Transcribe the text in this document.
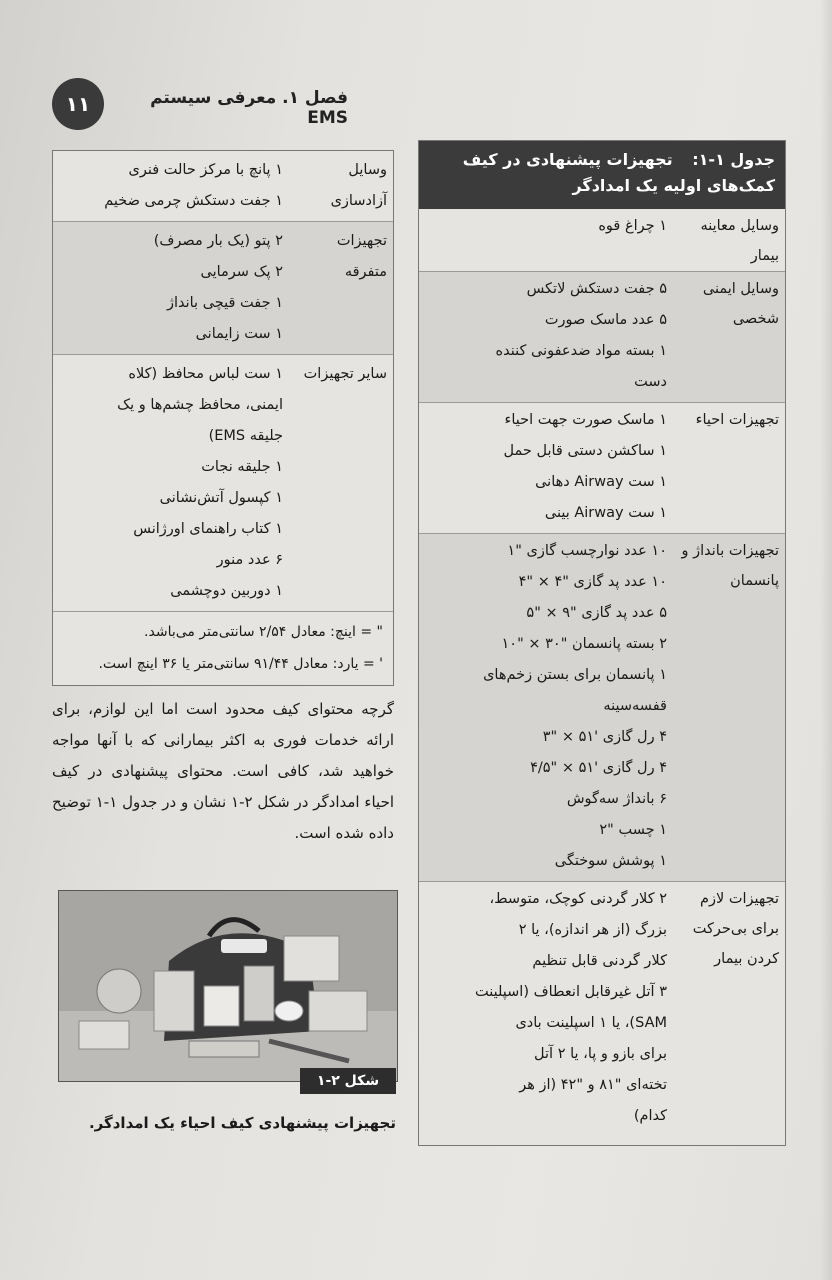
۱۱	فصل ۱. معرفی سیستم EMS
جدول ۱-۱: تجهیزات پیشنهادی در کیف
کمک‌های اولیه یک امدادگر
وسایل معاینه بیمار
۱ چراغ قوه
وسایل ایمنی شخصی
۵ جفت دستکش لاتکس
۵ عدد ماسک صورت
۱ بسته مواد ضدعفونی کننده
دست
تجهیزات احیاء
۱ ماسک صورت جهت احیاء
۱ ساکشن دستی قابل حمل
۱ ست Airway دهانی
۱ ست Airway بینی
تجهیزات بانداژ و پانسمان
۱۰ عدد نوارچسب گازی "۱
۱۰ عدد پد گازی "۴ × "۴
۵ عدد پد گازی "۹ × "۵
۲ بسته پانسمان "۳۰ × "۱۰
۱ پانسمان برای بستن زخم‌های
قفسه‌سینه
۴ رل گازی '۵۱ × "۳
۴ رل گازی '۵۱ × "۴/۵
۶ بانداژ سه‌گوش
۱ چسب "۲
۱ پوشش سوختگی
تجهیزات لازم برای بی‌حرکت کردن بیمار
۲ کلار گردنی کوچک، متوسط،
بزرگ (از هر اندازه)، یا ۲
کلار گردنی قابل تنظیم
۳ آتل غیرقابل انعطاف (اسپلینت
SAM)، یا ۱ اسپلینت بادی
برای بازو و پا، یا ۲ آتل
تخته‌ای "۸۱ و "۴۲ (از هر
کدام)
وسایل آزادسازی
۱ پانچ با مرکز حالت فنری
۱ جفت دستکش چرمی ضخیم
تجهیزات متفرقه
۲ پتو (یک بار مصرف)
۲ پک سرمایی
۱ جفت قیچی بانداژ
۱ ست زایمانی
سایر تجهیزات
۱ ست لباس محافظ (کلاه
ایمنی، محافظ چشم‌ها و یک
جلیقه EMS)
۱ جلیقه نجات
۱ کپسول آتش‌نشانی
۱ کتاب راهنمای اورژانس
۶ عدد منور
۱ دوربین دوچشمی
" = اینچ: معادل ۲/۵۴ سانتی‌متر می‌باشد.
' = یارد: معادل ۹۱/۴۴ سانتی‌متر یا ۳۶ اینچ است.
گرچه محتوای کیف محدود است اما این لوازم، برای ارائه خدمات فوری به اکثر بیمارانی که با آنها مواجه خواهید شد، کافی است. محتوای پیشنهادی در کیف احیاء امدادگر در شکل ۲-۱ نشان و در جدول ۱-۱ توضیح داده شده است.
شکل ۲-۱
تجهیزات پیشنهادی کیف احیاء یک امدادگر.
